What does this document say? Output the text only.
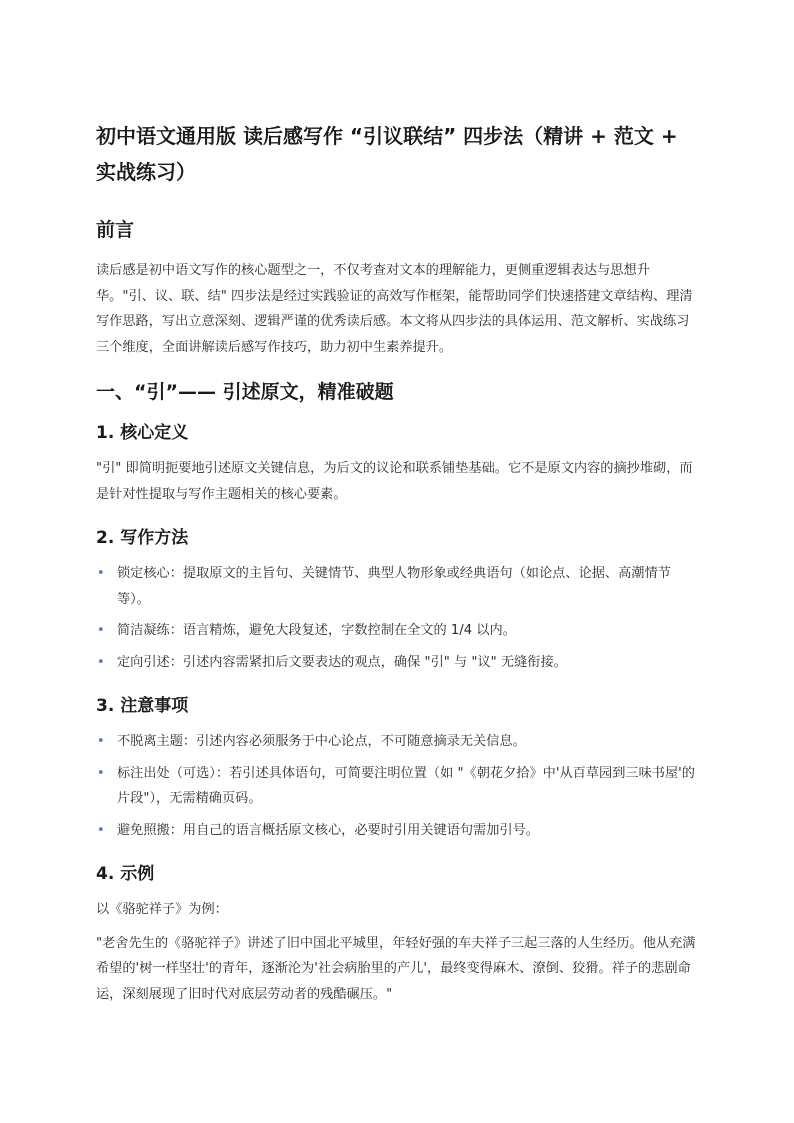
初中语文通用版 读后感写作 “引议联结” 四步法（精讲 + 范文 + 实战练习）
前言

读后感是初中语文写作的核心题型之一，不仅考查对文本的理解能力，更侧重逻辑表达与思想升华。"引、议、联、结" 四步法是经过实践验证的高效写作框架，能帮助同学们快速搭建文章结构、理清写作思路，写出立意深刻、逻辑严谨的优秀读后感。本文将从四步法的具体运用、范文解析、实战练习三个维度，全面讲解读后感写作技巧，助力初中生素养提升。

一、“引”—— 引述原文，精准破题
1. 核心定义

"引" 即简明扼要地引述原文关键信息，为后文的议论和联系铺垫基础。它不是原文内容的摘抄堆砌，而是针对性提取与写作主题相关的核心要素。

2. 写作方法
• 锁定核心：提取原文的主旨句、关键情节、典型人物形象或经典语句（如论点、论据、高潮情节等）。
• 简洁凝练：语言精炼，避免大段复述，字数控制在全文的 1/4 以内。
• 定向引述：引述内容需紧扣后文要表达的观点，确保 "引" 与 "议" 无缝衔接。
3. 注意事项
• 不脱离主题：引述内容必须服务于中心论点，不可随意摘录无关信息。
• 标注出处（可选）：若引述具体语句，可简要注明位置（如 "《朝花夕拾》中'从百草园到三味书屋'的片段"），无需精确页码。
• 避免照搬：用自己的语言概括原文核心，必要时引用关键语句需加引号。
4. 示例

以《骆驼祥子》为例：

"老舍先生的《骆驼祥子》讲述了旧中国北平城里，年轻好强的车夫祥子三起三落的人生经历。他从充满希望的'树一样坚壮'的青年，逐渐沦为'社会病胎里的产儿'，最终变得麻木、潦倒、狡猾。祥子的悲剧命运，深刻展现了旧时代对底层劳动者的残酷碾压。"
